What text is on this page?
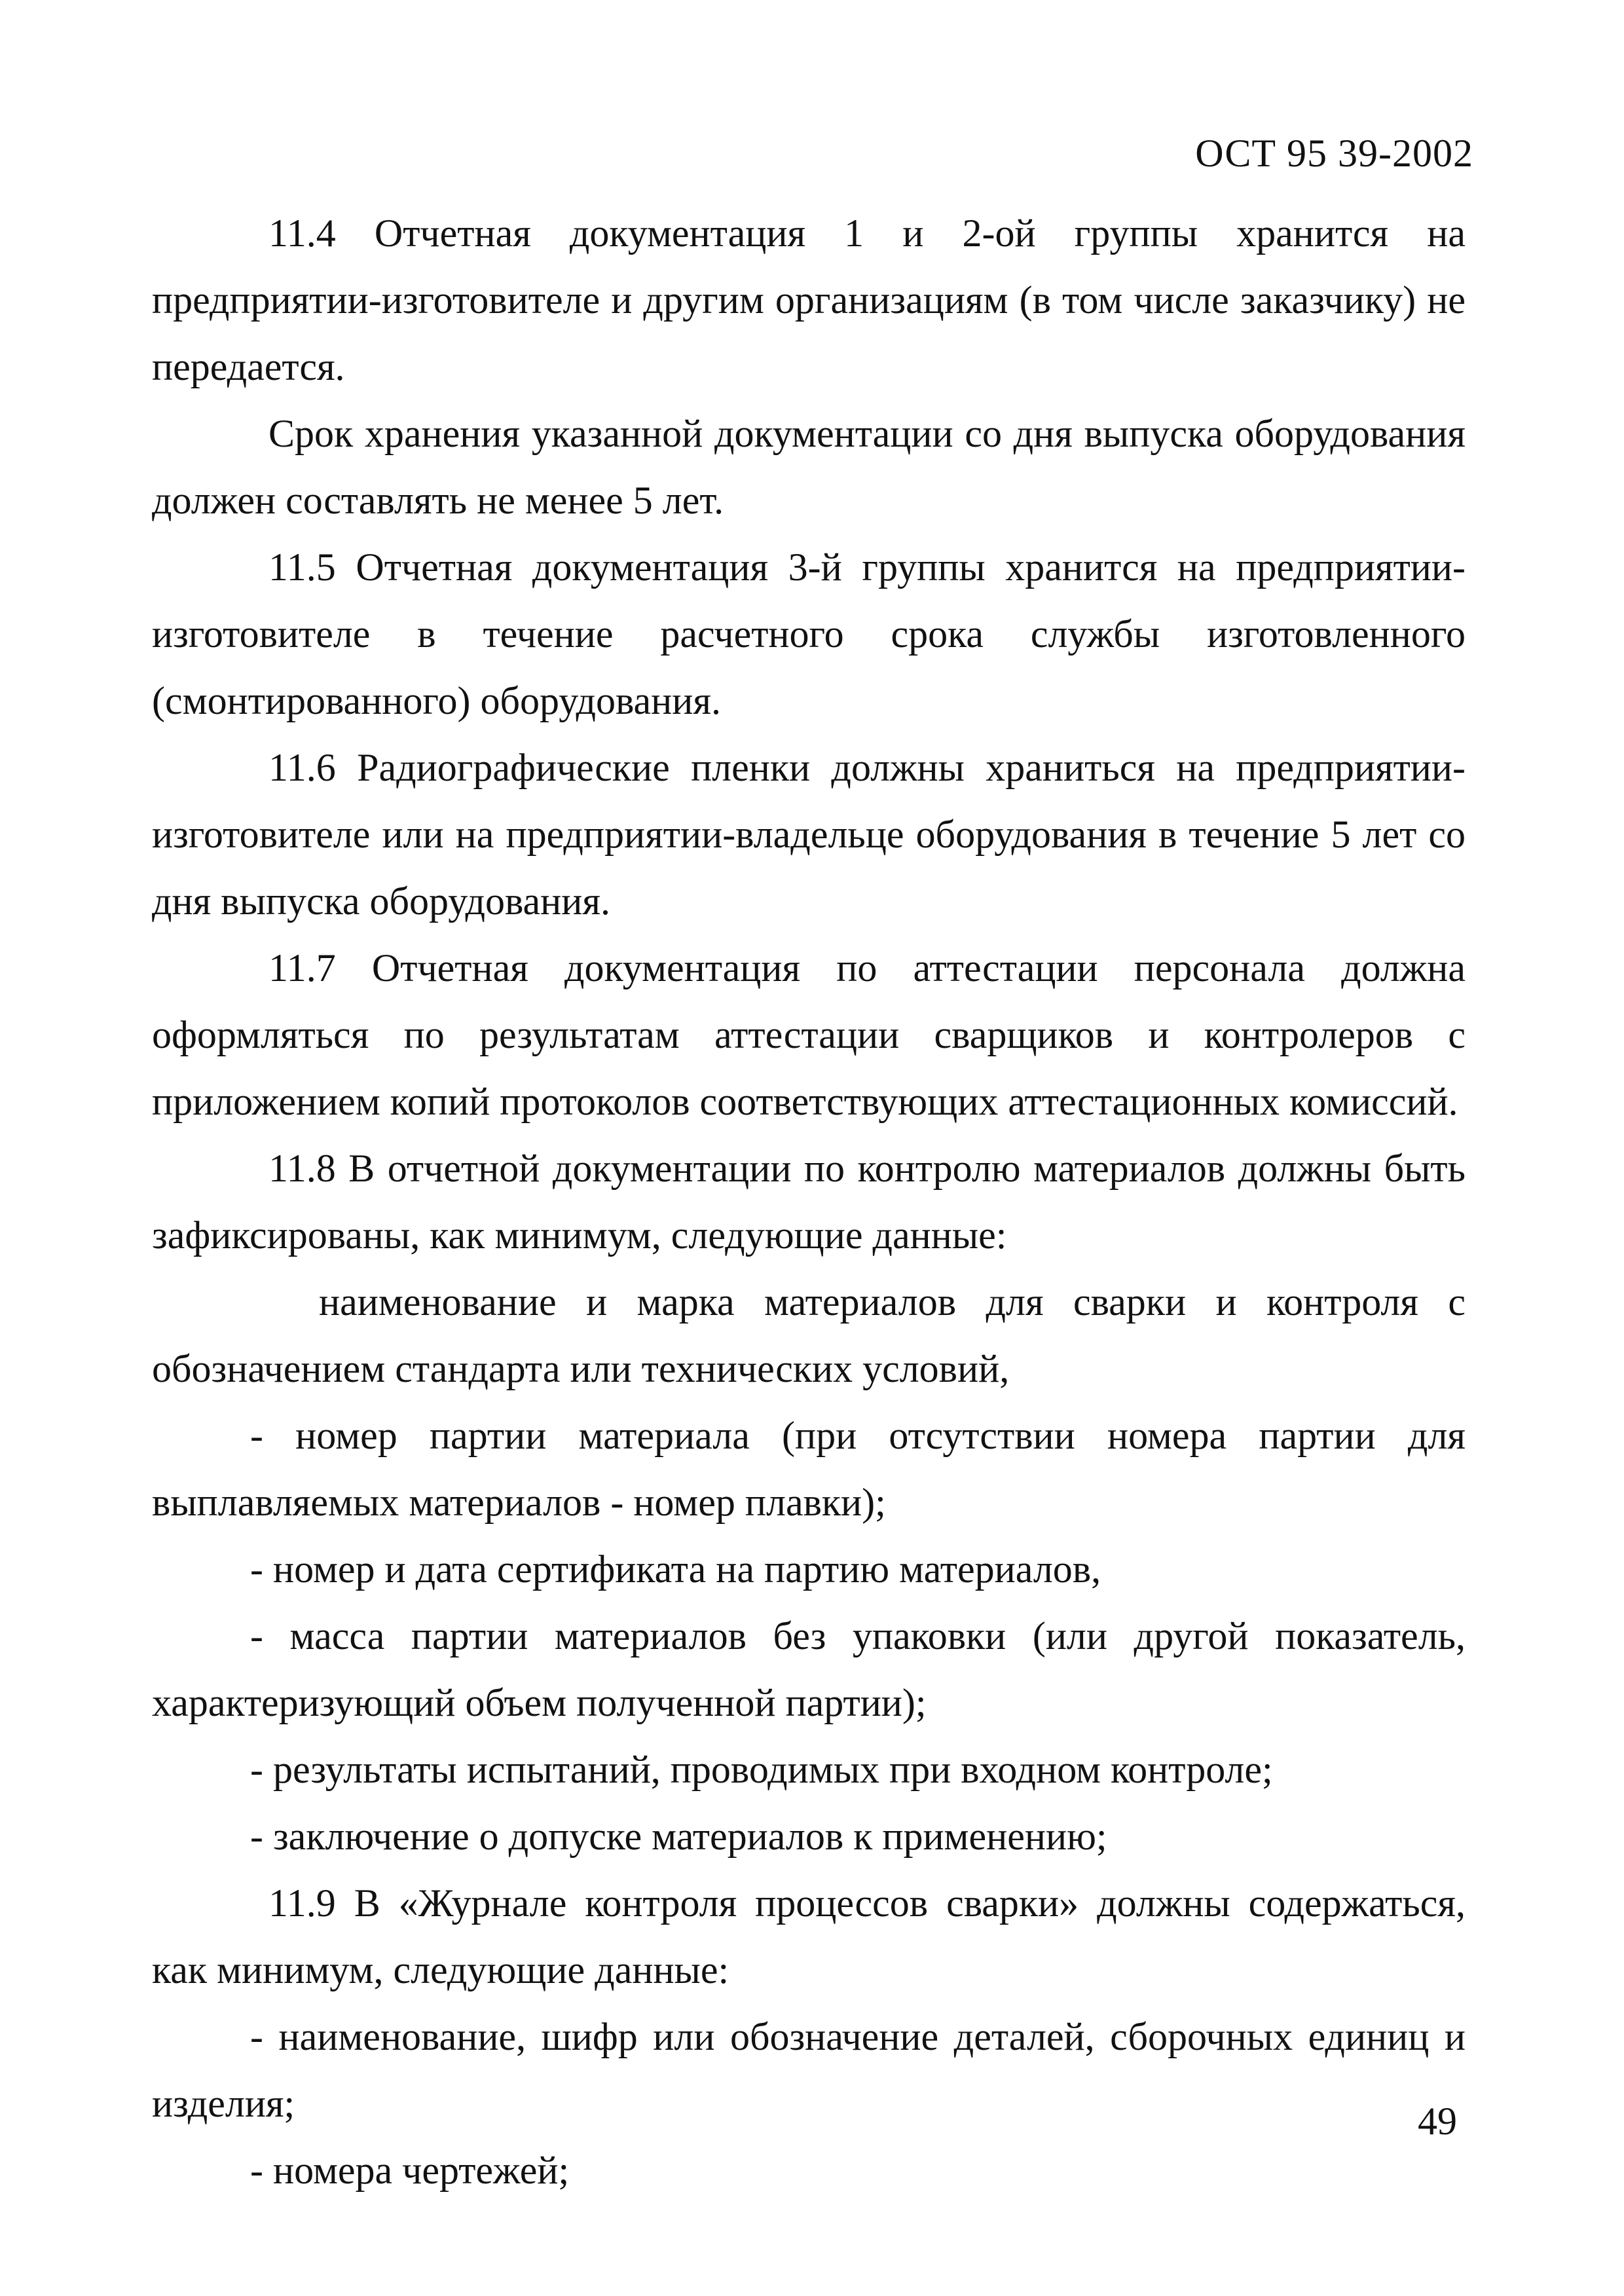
ОСТ 95 39-2002

11.4 Отчетная документация 1 и 2-ой группы хранится на предприятии-изготовителе и другим организациям (в том числе заказчику) не передается.

Срок хранения указанной документации со дня выпуска оборудования должен составлять не менее 5 лет.

11.5 Отчетная документация 3-й группы хранится на предприятии-изготовителе в течение расчетного срока службы изготовленного (смонтированного) оборудования.

11.6 Радиографические пленки должны храниться на предприятии-изготовителе или на предприятии-владельце оборудования в течение 5 лет со дня выпуска оборудования.

11.7 Отчетная документация по аттестации персонала должна оформляться по результатам аттестации сварщиков и контролеров с приложением копий протоколов соответствующих аттестационных комиссий.

11.8 В отчетной документации по контролю материалов должны быть зафиксированы, как минимум, следующие данные:

наименование и марка материалов для сварки и контроля с обозначением стандарта или технических условий,

- номер партии материала (при отсутствии номера партии для выплавляемых материалов - номер плавки);

- номер и дата сертификата на партию материалов,

- масса партии материалов без упаковки (или другой показатель, характеризующий объем полученной партии);

- результаты испытаний, проводимых при входном контроле;

- заключение о допуске материалов к применению;

11.9 В «Журнале контроля процессов сварки» должны содержаться, как минимум, следующие данные:

- наименование, шифр или обозначение деталей, сборочных единиц и изделия;

- номера чертежей;

49
